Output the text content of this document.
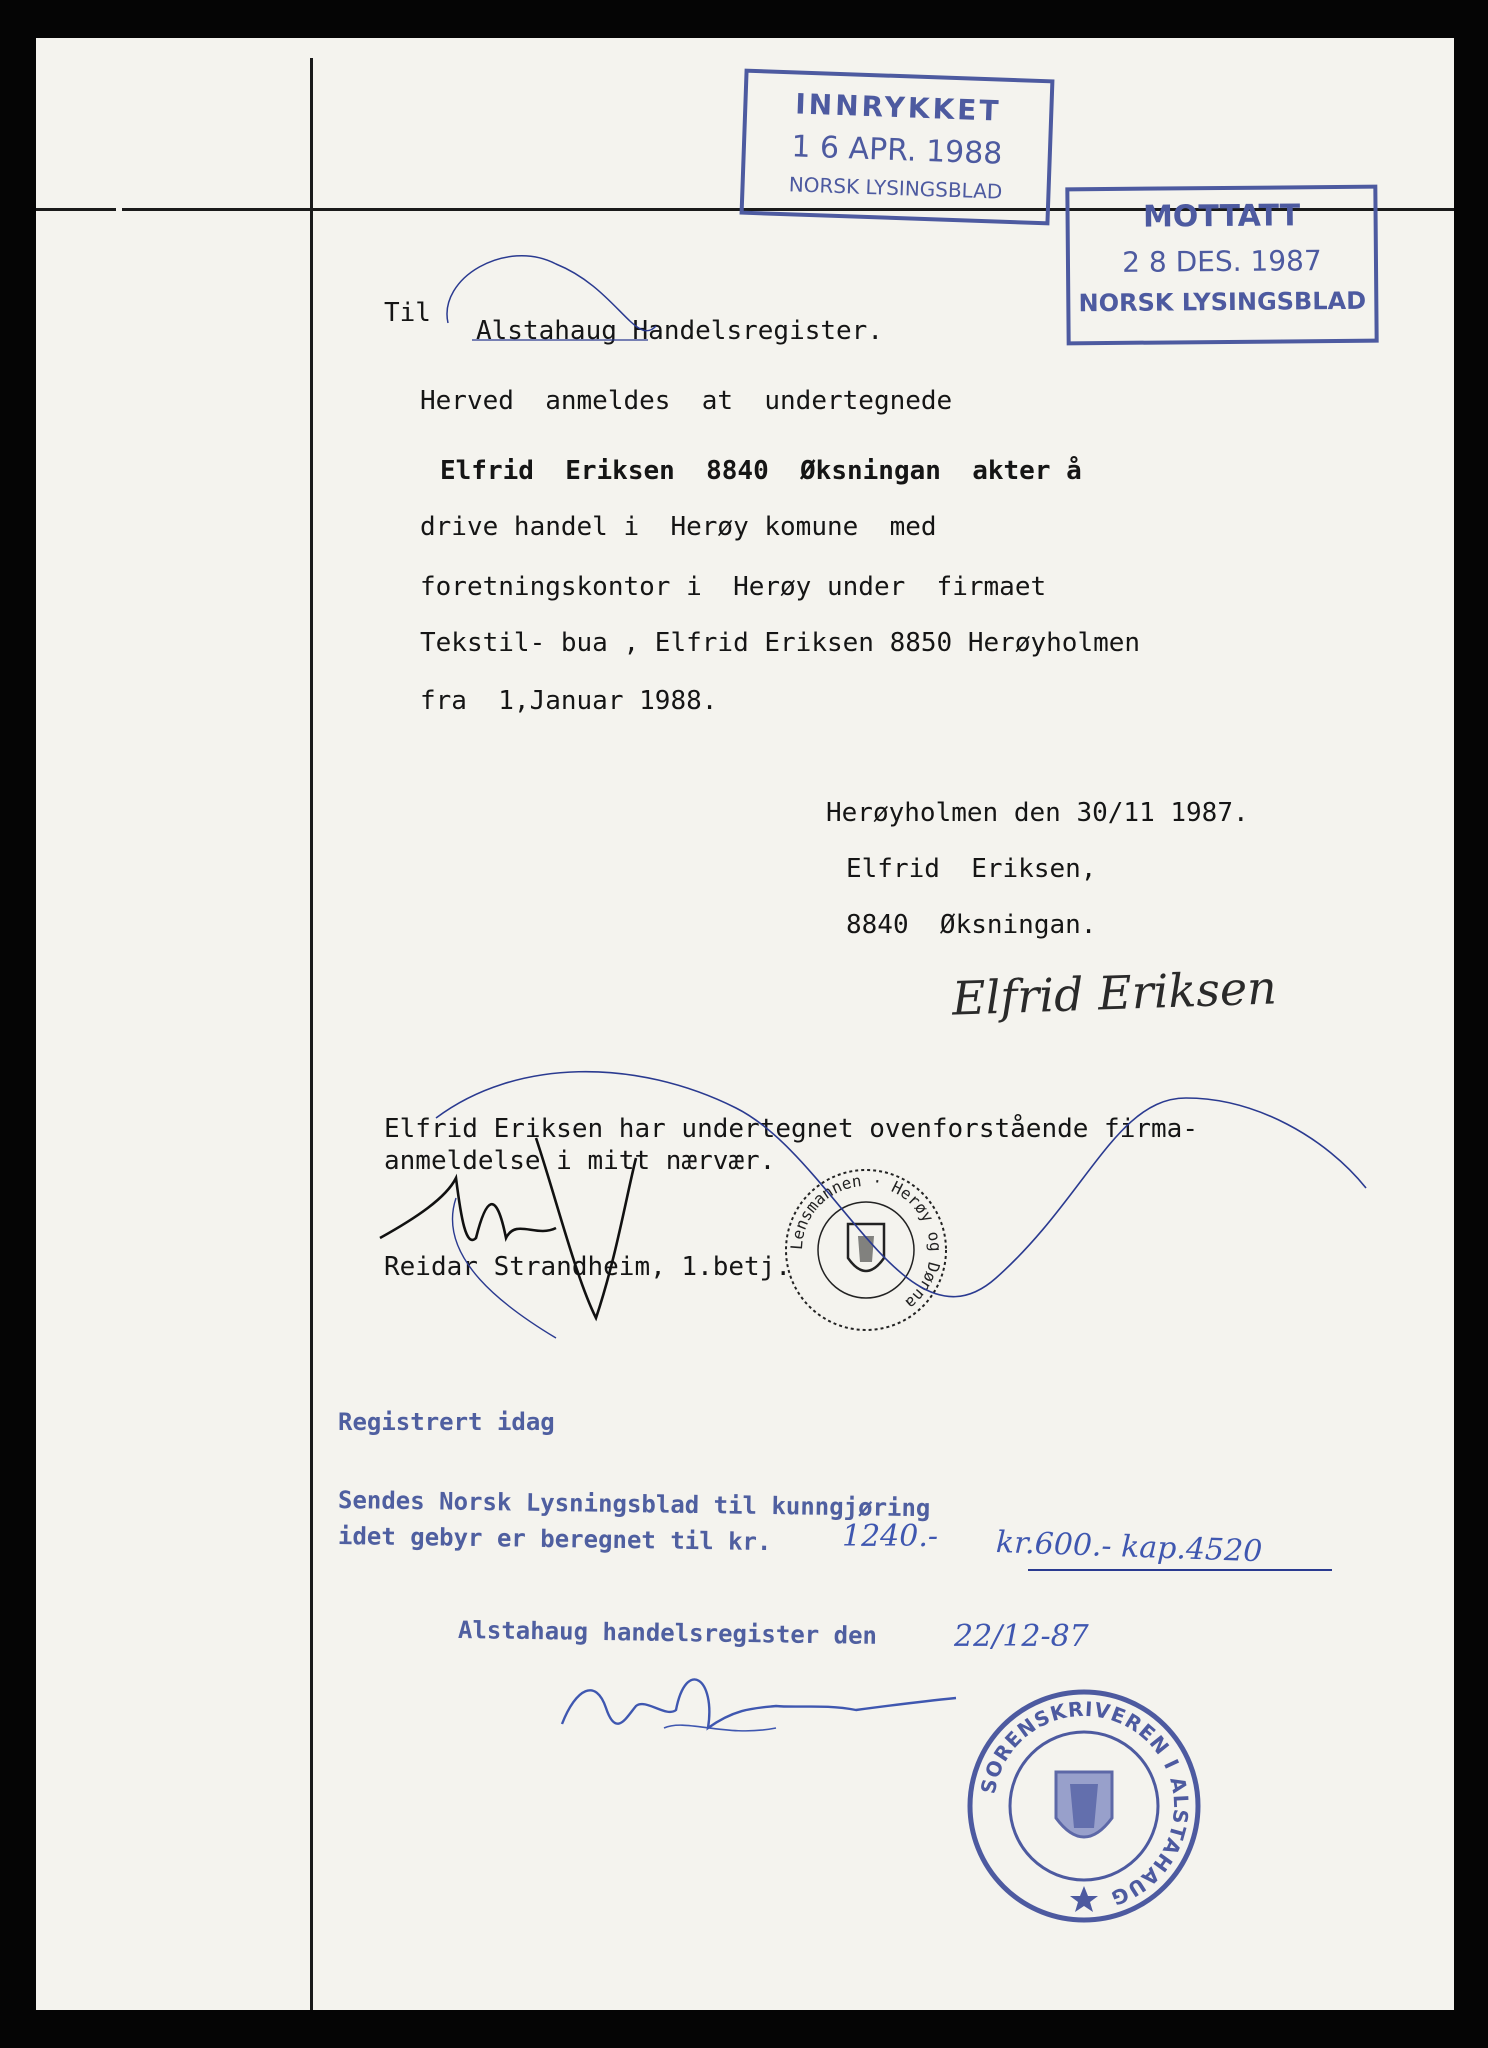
INNRYKKET
1 6 APR. 1988
NORSK LYSINGSBLAD
MOTTATT
2 8 DES. 1987
NORSK LYSINGSBLAD
Til
Alstahaug Handelsregister.
Herved  anmeldes  at  undertegnede
Elfrid  Eriksen  8840  Øksningan  akter å
drive handel i  Herøy komune  med
foretningskontor i  Herøy under  firmaet
Tekstil- bua , Elfrid Eriksen 8850 Herøyholmen
fra  1,Januar 1988.
Herøyholmen den 30/11 1987.
Elfrid  Eriksen,
8840  Øksningan.
Elfrid Eriksen
Elfrid Eriksen har undertegnet ovenforstående firma-
anmeldelse i mitt nærvær.
Reidar Strandheim, 1.betj.
Lensmannen · Herøy og Dønna
Registrert idag
Sendes Norsk Lysningsblad til kunngjøring
idet gebyr er beregnet til kr. 1240.- kr.600.- kap.4520
Alstahaug handelsregister den	22/12-87
SORENSKRIVEREN I ALSTAHAUG
